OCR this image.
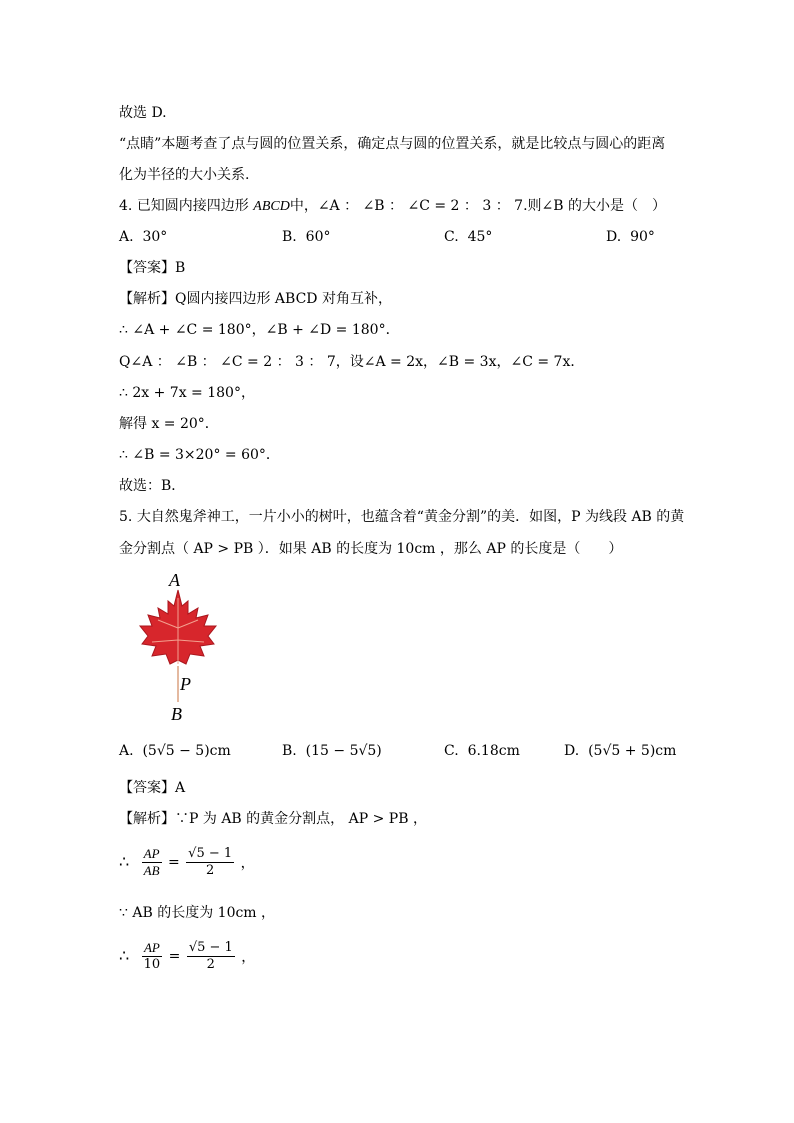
故选 D.
“点睛”本题考查了点与圆的位置关系，确定点与圆的位置关系，就是比较点与圆心的距离
化为半径的大小关系.
4. 已知圆内接四边形 ABCD中，∠A ： ∠B ： ∠C = 2 ： 3 ： 7.则∠B 的大小是（　）
A. 30°	B. 60°	C. 45°	D. 90°
【答案】B
【解析】Q圆内接四边形 ABCD 对角互补，
∴ ∠A + ∠C = 180°，∠B + ∠D = 180°．
Q∠A ： ∠B ： ∠C = 2 ： 3 ： 7，设∠A = 2x，∠B = 3x，∠C = 7x．
∴ 2x + 7x = 180°，
解得 x = 20°．
∴ ∠B = 3×20° = 60°．
故选：B．
5. 大自然鬼斧神工，一片小小的树叶，也蕴含着“黄金分割”的美．如图，P 为线段 AB 的黄
金分割点（ AP > PB ）．如果 AB 的长度为 10cm ，那么 AP 的长度是（　　）
A
P
B
A. (5√5 − 5)cm	B. (15 − 5√5)	C. 6.18cm	D. (5√5 + 5)cm
【答案】A
【解析】∵P 为 AB 的黄金分割点， AP > PB ，
∴ $\frac{AP}{AB} = \frac{√5 - 1}{2}$ ，
∵ AB 的长度为 10cm ，
∴ $\frac{AP}{10} = \frac{√5 - 1}{2}$ ，
